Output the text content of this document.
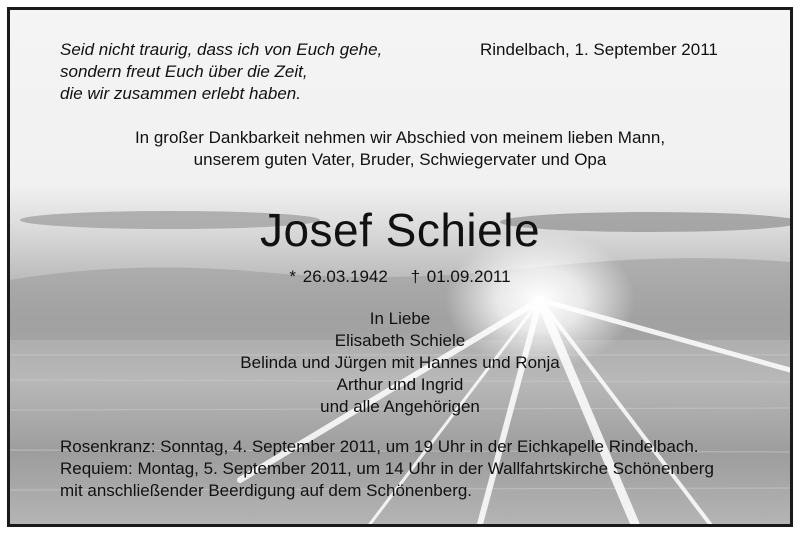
Seid nicht traurig, dass ich von Euch gehe,
sondern freut Euch über die Zeit,
die wir zusammen erlebt haben.
Rindelbach, 1. September 2011
In großer Dankbarkeit nehmen wir Abschied von meinem lieben Mann,
unserem guten Vater, Bruder, Schwiegervater und Opa
Josef Schiele
* 26.03.1942 † 01.09.2011
In Liebe
Elisabeth Schiele
Belinda und Jürgen mit Hannes und Ronja
Arthur und Ingrid
und alle Angehörigen
Rosenkranz: Sonntag, 4. September 2011, um 19 Uhr in der Eichkapelle Rindelbach.
Requiem: Montag, 5. September 2011, um 14 Uhr in der Wallfahrtskirche Schönenberg
mit anschließender Beerdigung auf dem Schönenberg.
